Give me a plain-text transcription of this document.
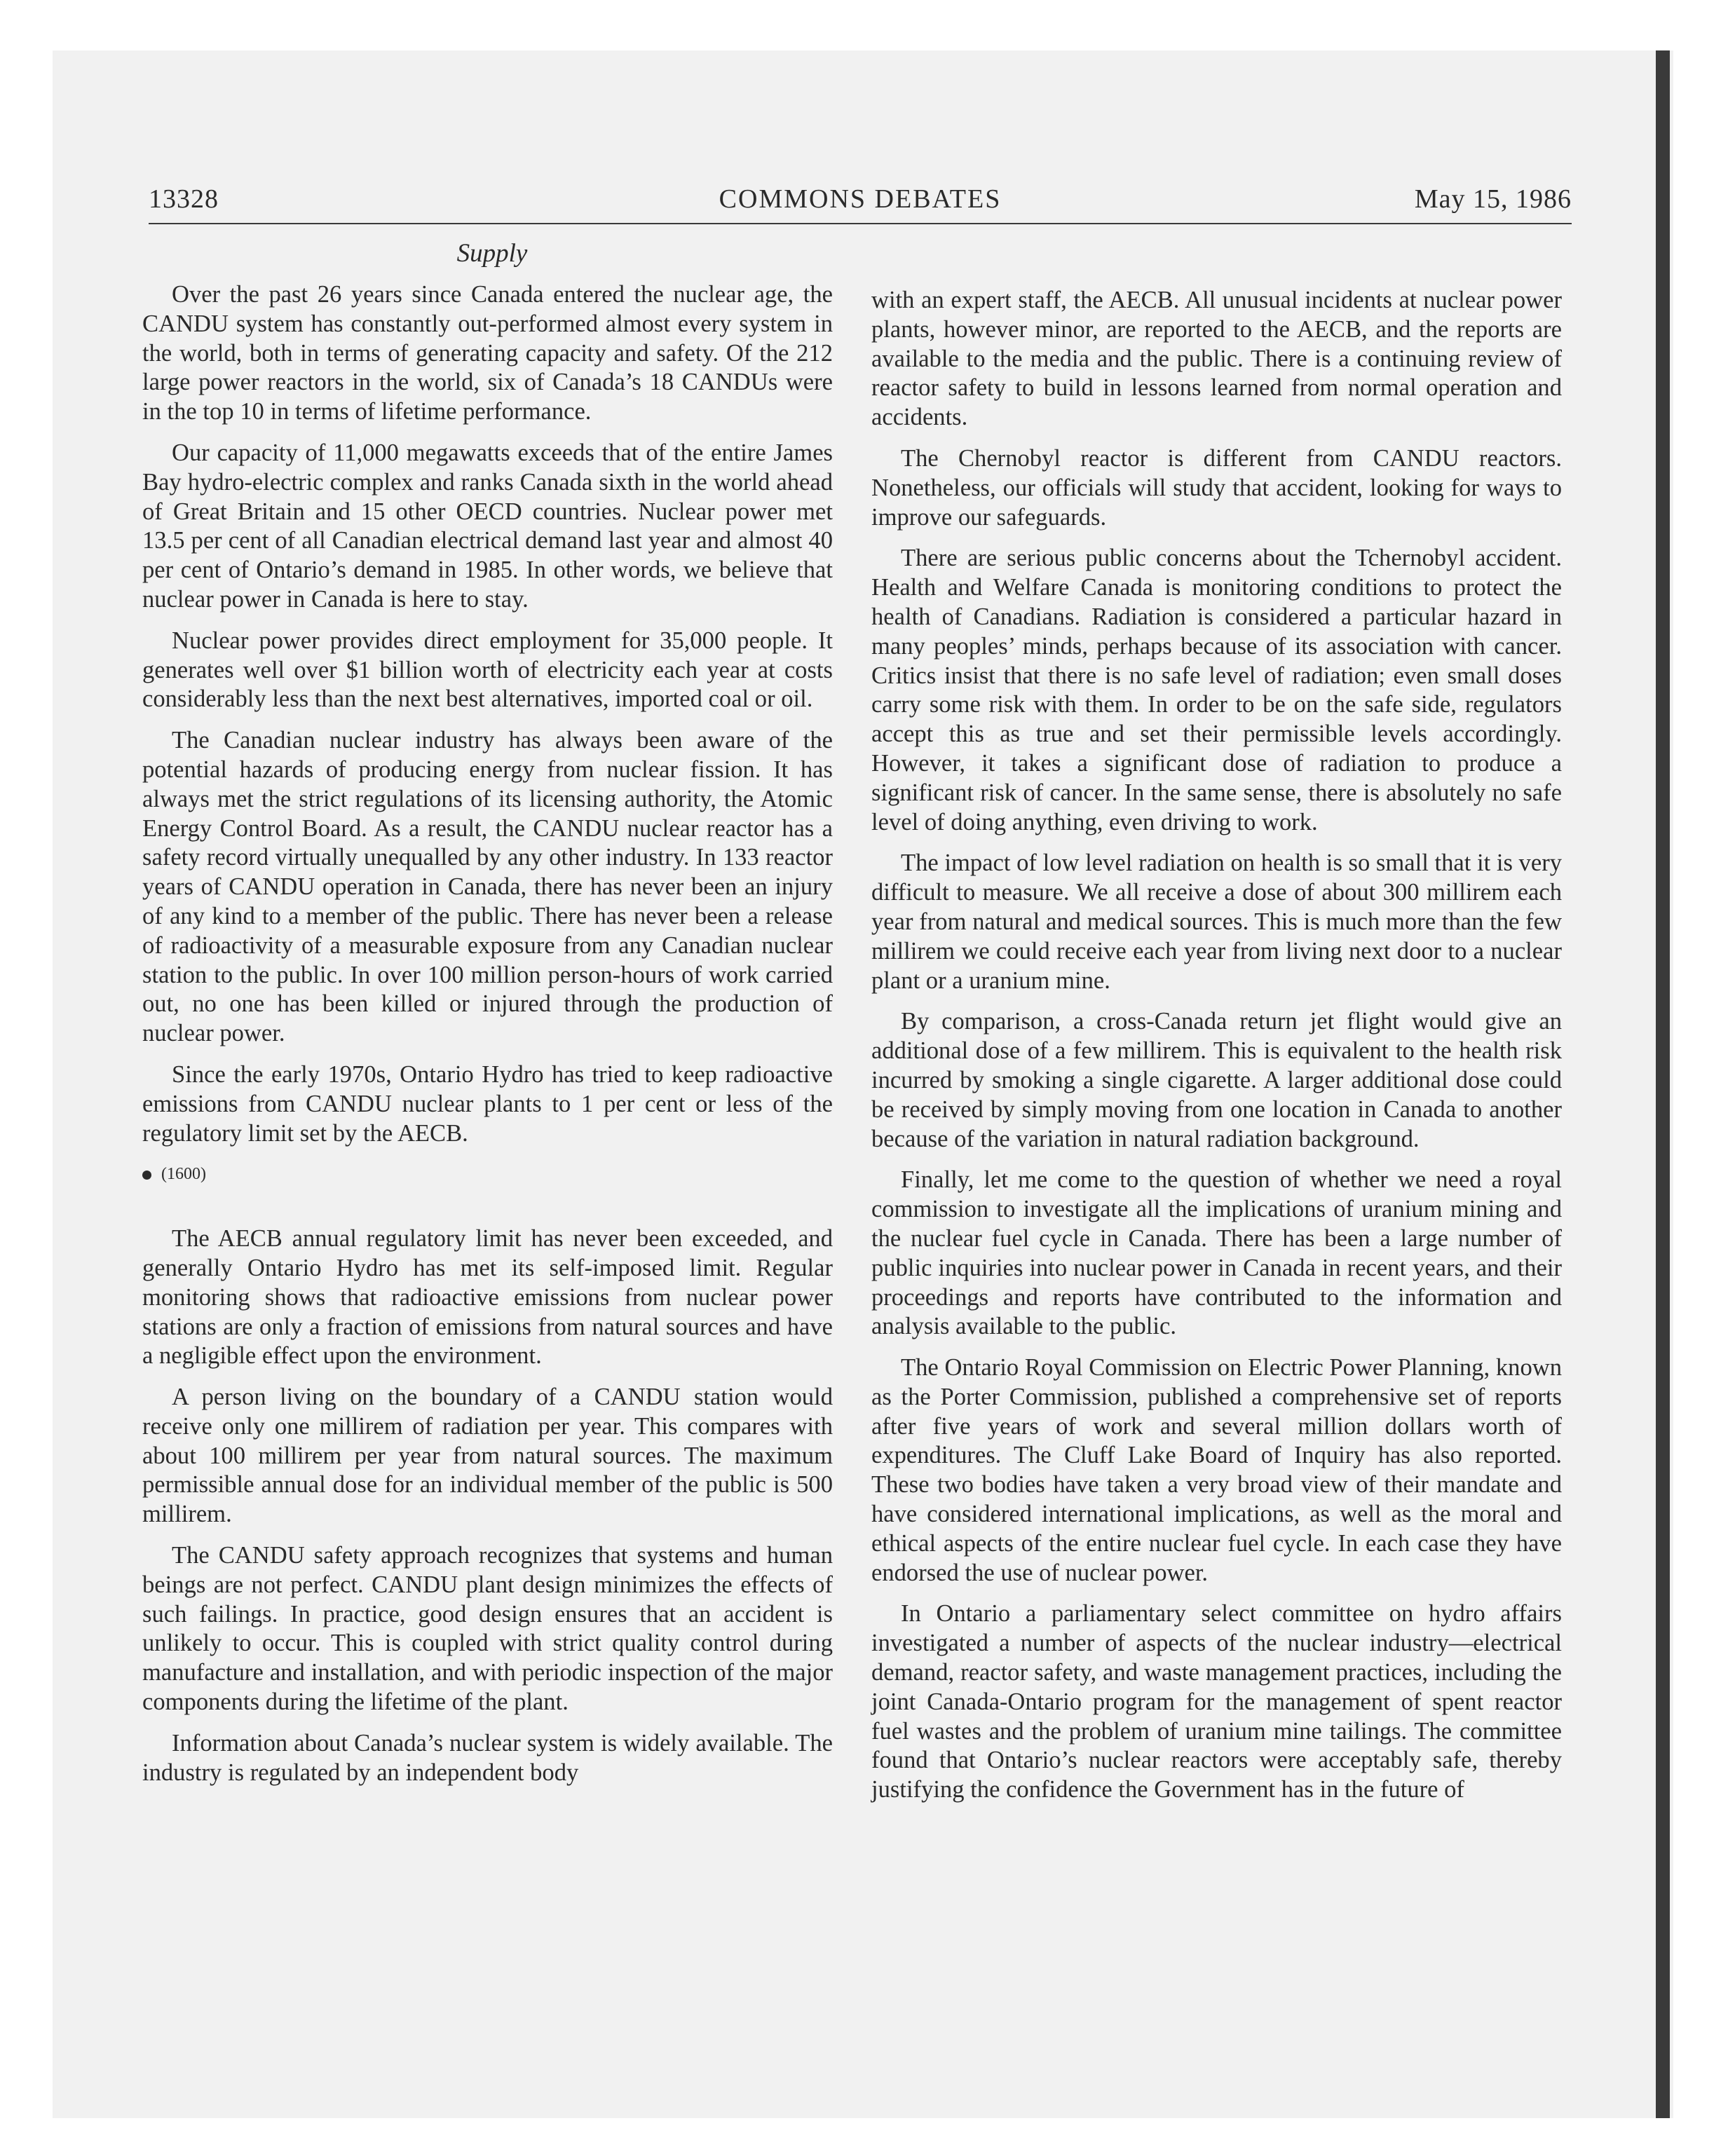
13328	COMMONS DEBATES	May 15, 1986
Supply

Over the past 26 years since Canada entered the nuclear age, the CANDU system has constantly out-performed almost every system in the world, both in terms of generating capacity and safety. Of the 212 large power reactors in the world, six of Canada’s 18 CANDUs were in the top 10 in terms of lifetime performance.

Our capacity of 11,000 megawatts exceeds that of the entire James Bay hydro-electric complex and ranks Canada sixth in the world ahead of Great Britain and 15 other OECD countries. Nuclear power met 13.5 per cent of all Canadian electrical demand last year and almost 40 per cent of Ontario’s demand in 1985. In other words, we believe that nuclear power in Canada is here to stay.

Nuclear power provides direct employment for 35,000 people. It generates well over $1 billion worth of electricity each year at costs considerably less than the next best alternatives, imported coal or oil.

The Canadian nuclear industry has always been aware of the potential hazards of producing energy from nuclear fission. It has always met the strict regulations of its licensing authority, the Atomic Energy Control Board. As a result, the CANDU nuclear reactor has a safety record virtually unequalled by any other industry. In 133 reactor years of CANDU operation in Canada, there has never been an injury of any kind to a member of the public. There has never been a release of radioactivity of a measurable exposure from any Canadian nuclear station to the public. In over 100 million person-hours of work carried out, no one has been killed or injured through the production of nuclear power.

Since the early 1970s, Ontario Hydro has tried to keep radioactive emissions from CANDU nuclear plants to 1 per cent or less of the regulatory limit set by the AECB.

(1600)

The AECB annual regulatory limit has never been exceeded, and generally Ontario Hydro has met its self-imposed limit. Regular monitoring shows that radioactive emissions from nuclear power stations are only a fraction of emissions from natural sources and have a negligible effect upon the environment.

A person living on the boundary of a CANDU station would receive only one millirem of radiation per year. This compares with about 100 millirem per year from natural sources. The maximum permissible annual dose for an individual member of the public is 500 millirem.

The CANDU safety approach recognizes that systems and human beings are not perfect. CANDU plant design minimizes the effects of such failings. In practice, good design ensures that an accident is unlikely to occur. This is coupled with strict quality control during manufacture and installation, and with periodic inspection of the major components during the lifetime of the plant.

Information about Canada’s nuclear system is widely available. The industry is regulated by an independent body

with an expert staff, the AECB. All unusual incidents at nuclear power plants, however minor, are reported to the AECB, and the reports are available to the media and the public. There is a continuing review of reactor safety to build in lessons learned from normal operation and accidents.

The Chernobyl reactor is different from CANDU reactors. Nonetheless, our officials will study that accident, looking for ways to improve our safeguards.

There are serious public concerns about the Tchernobyl accident. Health and Welfare Canada is monitoring conditions to protect the health of Canadians. Radiation is considered a particular hazard in many peoples’ minds, perhaps because of its association with cancer. Critics insist that there is no safe level of radiation; even small doses carry some risk with them. In order to be on the safe side, regulators accept this as true and set their permissible levels accordingly. However, it takes a significant dose of radiation to produce a significant risk of cancer. In the same sense, there is absolutely no safe level of doing anything, even driving to work.

The impact of low level radiation on health is so small that it is very difficult to measure. We all receive a dose of about 300 millirem each year from natural and medical sources. This is much more than the few millirem we could receive each year from living next door to a nuclear plant or a uranium mine.

By comparison, a cross-Canada return jet flight would give an additional dose of a few millirem. This is equivalent to the health risk incurred by smoking a single cigarette. A larger additional dose could be received by simply moving from one location in Canada to another because of the variation in natural radiation background.

Finally, let me come to the question of whether we need a royal commission to investigate all the implications of uranium mining and the nuclear fuel cycle in Canada. There has been a large number of public inquiries into nuclear power in Canada in recent years, and their proceedings and reports have contributed to the information and analysis available to the public.

The Ontario Royal Commission on Electric Power Planning, known as the Porter Commission, published a comprehensive set of reports after five years of work and several million dollars worth of expenditures. The Cluff Lake Board of Inquiry has also reported. These two bodies have taken a very broad view of their mandate and have considered international implications, as well as the moral and ethical aspects of the entire nuclear fuel cycle. In each case they have endorsed the use of nuclear power.

In Ontario a parliamentary select committee on hydro affairs investigated a number of aspects of the nuclear industry—electrical demand, reactor safety, and waste management practices, including the joint Canada-Ontario program for the management of spent reactor fuel wastes and the problem of uranium mine tailings. The committee found that Ontario’s nuclear reactors were acceptably safe, thereby justifying the confidence the Government has in the future of
